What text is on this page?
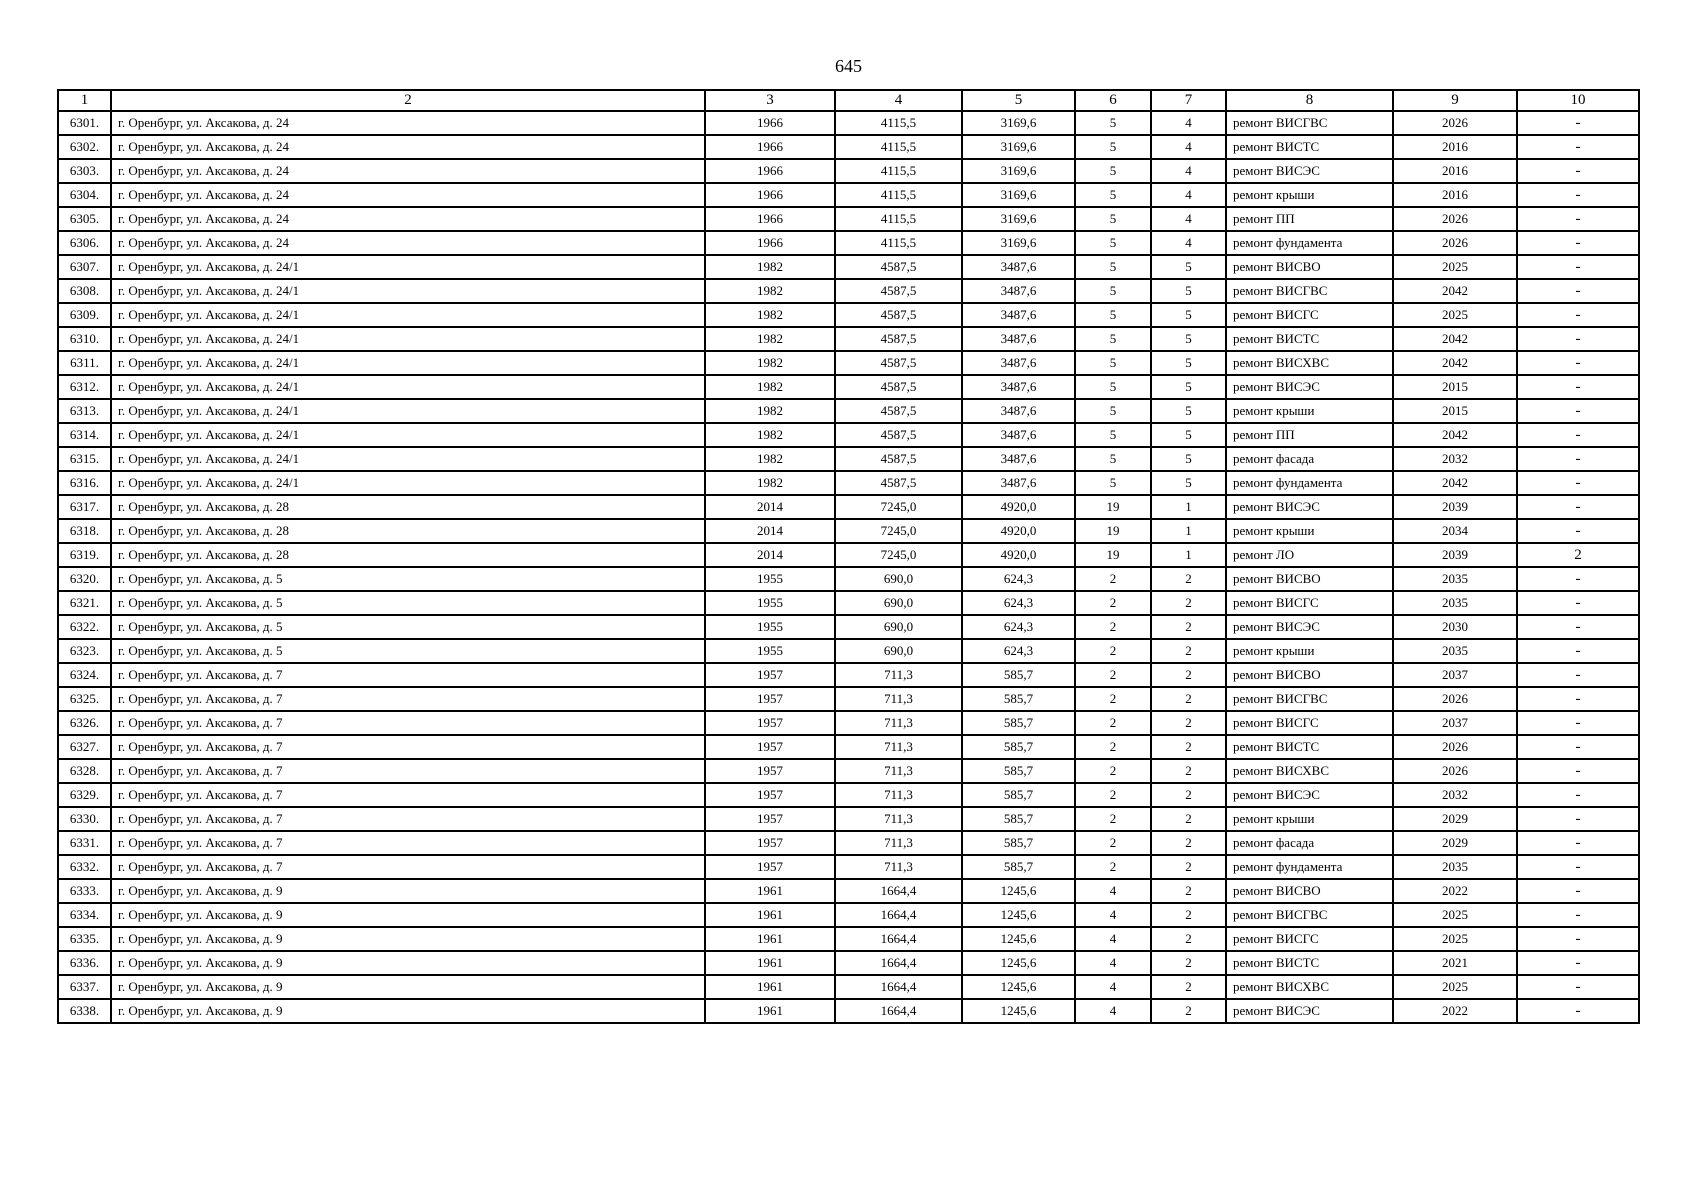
645
1	2	3	4	5	6	7	8	9	10
6301.	г. Оренбург, ул. Аксакова, д. 24	1966	4115,5	3169,6	5	4	ремонт ВИСГВС	2026	-
6302.	г. Оренбург, ул. Аксакова, д. 24	1966	4115,5	3169,6	5	4	ремонт ВИСТС	2016	-
6303.	г. Оренбург, ул. Аксакова, д. 24	1966	4115,5	3169,6	5	4	ремонт ВИСЭС	2016	-
6304.	г. Оренбург, ул. Аксакова, д. 24	1966	4115,5	3169,6	5	4	ремонт крыши	2016	-
6305.	г. Оренбург, ул. Аксакова, д. 24	1966	4115,5	3169,6	5	4	ремонт ПП	2026	-
6306.	г. Оренбург, ул. Аксакова, д. 24	1966	4115,5	3169,6	5	4	ремонт фундамента	2026	-
6307.	г. Оренбург, ул. Аксакова, д. 24/1	1982	4587,5	3487,6	5	5	ремонт ВИСВО	2025	-
6308.	г. Оренбург, ул. Аксакова, д. 24/1	1982	4587,5	3487,6	5	5	ремонт ВИСГВС	2042	-
6309.	г. Оренбург, ул. Аксакова, д. 24/1	1982	4587,5	3487,6	5	5	ремонт ВИСГС	2025	-
6310.	г. Оренбург, ул. Аксакова, д. 24/1	1982	4587,5	3487,6	5	5	ремонт ВИСТС	2042	-
6311.	г. Оренбург, ул. Аксакова, д. 24/1	1982	4587,5	3487,6	5	5	ремонт ВИСХВС	2042	-
6312.	г. Оренбург, ул. Аксакова, д. 24/1	1982	4587,5	3487,6	5	5	ремонт ВИСЭС	2015	-
6313.	г. Оренбург, ул. Аксакова, д. 24/1	1982	4587,5	3487,6	5	5	ремонт крыши	2015	-
6314.	г. Оренбург, ул. Аксакова, д. 24/1	1982	4587,5	3487,6	5	5	ремонт ПП	2042	-
6315.	г. Оренбург, ул. Аксакова, д. 24/1	1982	4587,5	3487,6	5	5	ремонт фасада	2032	-
6316.	г. Оренбург, ул. Аксакова, д. 24/1	1982	4587,5	3487,6	5	5	ремонт фундамента	2042	-
6317.	г. Оренбург, ул. Аксакова, д. 28	2014	7245,0	4920,0	19	1	ремонт ВИСЭС	2039	-
6318.	г. Оренбург, ул. Аксакова, д. 28	2014	7245,0	4920,0	19	1	ремонт крыши	2034	-
6319.	г. Оренбург, ул. Аксакова, д. 28	2014	7245,0	4920,0	19	1	ремонт ЛО	2039	2
6320.	г. Оренбург, ул. Аксакова, д. 5	1955	690,0	624,3	2	2	ремонт ВИСВО	2035	-
6321.	г. Оренбург, ул. Аксакова, д. 5	1955	690,0	624,3	2	2	ремонт ВИСГС	2035	-
6322.	г. Оренбург, ул. Аксакова, д. 5	1955	690,0	624,3	2	2	ремонт ВИСЭС	2030	-
6323.	г. Оренбург, ул. Аксакова, д. 5	1955	690,0	624,3	2	2	ремонт крыши	2035	-
6324.	г. Оренбург, ул. Аксакова, д. 7	1957	711,3	585,7	2	2	ремонт ВИСВО	2037	-
6325.	г. Оренбург, ул. Аксакова, д. 7	1957	711,3	585,7	2	2	ремонт ВИСГВС	2026	-
6326.	г. Оренбург, ул. Аксакова, д. 7	1957	711,3	585,7	2	2	ремонт ВИСГС	2037	-
6327.	г. Оренбург, ул. Аксакова, д. 7	1957	711,3	585,7	2	2	ремонт ВИСТС	2026	-
6328.	г. Оренбург, ул. Аксакова, д. 7	1957	711,3	585,7	2	2	ремонт ВИСХВС	2026	-
6329.	г. Оренбург, ул. Аксакова, д. 7	1957	711,3	585,7	2	2	ремонт ВИСЭС	2032	-
6330.	г. Оренбург, ул. Аксакова, д. 7	1957	711,3	585,7	2	2	ремонт крыши	2029	-
6331.	г. Оренбург, ул. Аксакова, д. 7	1957	711,3	585,7	2	2	ремонт фасада	2029	-
6332.	г. Оренбург, ул. Аксакова, д. 7	1957	711,3	585,7	2	2	ремонт фундамента	2035	-
6333.	г. Оренбург, ул. Аксакова, д. 9	1961	1664,4	1245,6	4	2	ремонт ВИСВО	2022	-
6334.	г. Оренбург, ул. Аксакова, д. 9	1961	1664,4	1245,6	4	2	ремонт ВИСГВС	2025	-
6335.	г. Оренбург, ул. Аксакова, д. 9	1961	1664,4	1245,6	4	2	ремонт ВИСГС	2025	-
6336.	г. Оренбург, ул. Аксакова, д. 9	1961	1664,4	1245,6	4	2	ремонт ВИСТС	2021	-
6337.	г. Оренбург, ул. Аксакова, д. 9	1961	1664,4	1245,6	4	2	ремонт ВИСХВС	2025	-
6338.	г. Оренбург, ул. Аксакова, д. 9	1961	1664,4	1245,6	4	2	ремонт ВИСЭС	2022	-
